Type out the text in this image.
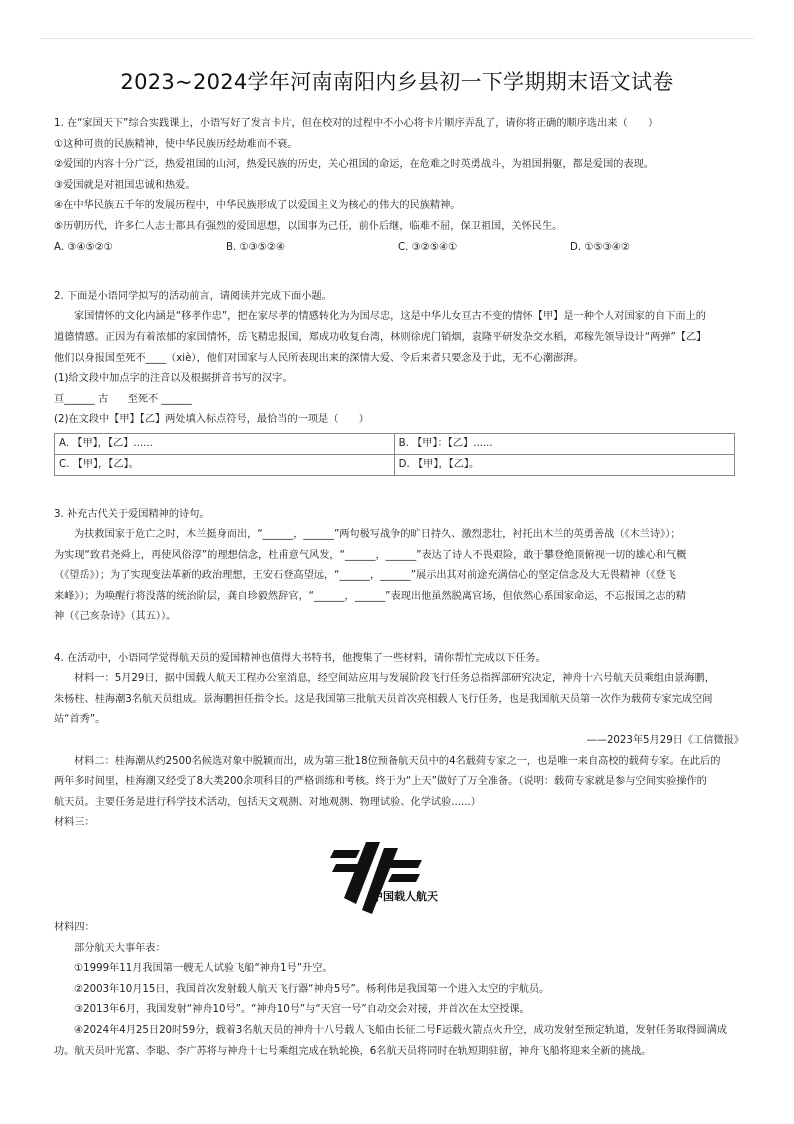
2023~2024学年河南南阳内乡县初一下学期期末语文试卷

1. 在“家国天下”综合实践课上，小语写好了发言卡片，但在校对的过程中不小心将卡片顺序弄乱了，请你将正确的顺序选出来（　　）

①这种可贵的民族精神，使中华民族历经劫难而不衰。

②爱国的内容十分广泛，热爱祖国的山河，热爱民族的历史，关心祖国的命运，在危难之时英勇战斗，为祖国捐躯，都是爱国的表现。

③爱国就是对祖国忠诚和热爱。

④在中华民族五千年的发展历程中，中华民族形成了以爱国主义为核心的伟大的民族精神。

⑤历朝历代，许多仁人志士都具有强烈的爱国思想，以国事为己任，前仆后继，临难不屈，保卫祖国，关怀民生。

A. ③④⑤②①	B. ①③⑤②④	C. ③②⑤④①	D. ①⑤③④②

2. 下面是小语同学拟写的活动前言，请阅读并完成下面小题。

家国情怀的文化内涵是“移孝作忠”，把在家尽孝的情感转化为为国尽忠，这是中华儿女亘古不变的情怀【甲】是一种个人对国家的自下而上的

道德情感。正因为有着浓郁的家国情怀，岳飞精忠报国，郑成功收复台湾，林则徐虎门销烟，袁隆平研发杂交水稻，邓稼先领导设计“两弹”【乙】

他们以身报国至死不____（xiè），他们对国家与人民所表现出来的深情大爱、令后来者只要念及于此，无不心潮澎湃。

(1)给文段中加点字的注音以及根据拼音书写的汉字。

亘______ 古 · 至死不 ______

(2)在文段中【甲】【乙】两处填入标点符号，最恰当的一项是（　　）

A. 【甲】，【乙】......	B. 【甲】：【乙】......
C. 【甲】，【乙】。	D. 【甲】，【乙】。

3. 补充古代关于爱国精神的诗句。

为扶救国家于危亡之时，木兰挺身而出，“______，______”两句极写战争的旷日持久、激烈悲壮，衬托出木兰的英勇善战（《木兰诗》）；

为实现“致君尧舜上，再使风俗淳”的理想信念，杜甫意气风发，“______，______”表达了诗人不畏艰险，敢于攀登绝顶俯视一切的雄心和气概

（《望岳》）；为了实现变法革新的政治理想，王安石登高望远，“______，______”展示出其对前途充满信心的坚定信念及大无畏精神（《登飞

来峰》）；为唤醒行将没落的统治阶层，龚自珍毅然辞官，“______，______”表现出他虽然脱离官场，但依然心系国家命运，不忘报国之志的精

神（《己亥杂诗》（其五））。

4. 在活动中，小语同学觉得航天员的爱国精神也值得大书特书，他搜集了一些材料，请你帮忙完成以下任务。

材料一：5月29日，据中国载人航天工程办公室消息，经空间站应用与发展阶段飞行任务总指挥部研究决定，神舟十六号航天员乘组由景海鹏，

朱杨柱、桂海潮3名航天员组成。景海鹏担任指令长。这是我国第三批航天员首次亮相载人飞行任务，也是我国航天员第一次作为载荷专家完成空间

站“首秀”。

——2023年5月29日《工信微报》

材料二：桂海潮从约2500名候选对象中脱颖而出，成为第三批18位预备航天员中的4名载荷专家之一，也是唯一来自高校的载荷专家。在此后的

两年多时间里，桂海潮又经受了8大类200余项科目的严格训练和考核。终于为“上天”做好了万全准备。（说明：载荷专家就是参与空间实验操作的

航天员。主要任务是进行科学技术活动，包括天文观测、对地观测、物理试验、化学试验......）

材料三：

中国载人航天

材料四：

部分航天大事年表：

①1999年11月我国第一艘无人试验飞船“神舟1号”升空。

②2003年10月15日，我国首次发射载人航天飞行器“神舟5号”。杨利伟是我国第一个进入太空的宇航员。

③2013年6月，我国发射“神舟10号”。“神舟10号”与“天宫一号”自动交会对接，并首次在太空授课。

④2024年4月25日20时59分，载着3名航天员的神舟十八号载人飞船由长征二号F运载火箭点火升空，成功发射至预定轨道，发射任务取得圆满成

功。航天员叶光富、李聪、李广苏将与神舟十七号乘组完成在轨轮换，6名航天员将同时在轨短期驻留，神舟飞船将迎来全新的挑战。
